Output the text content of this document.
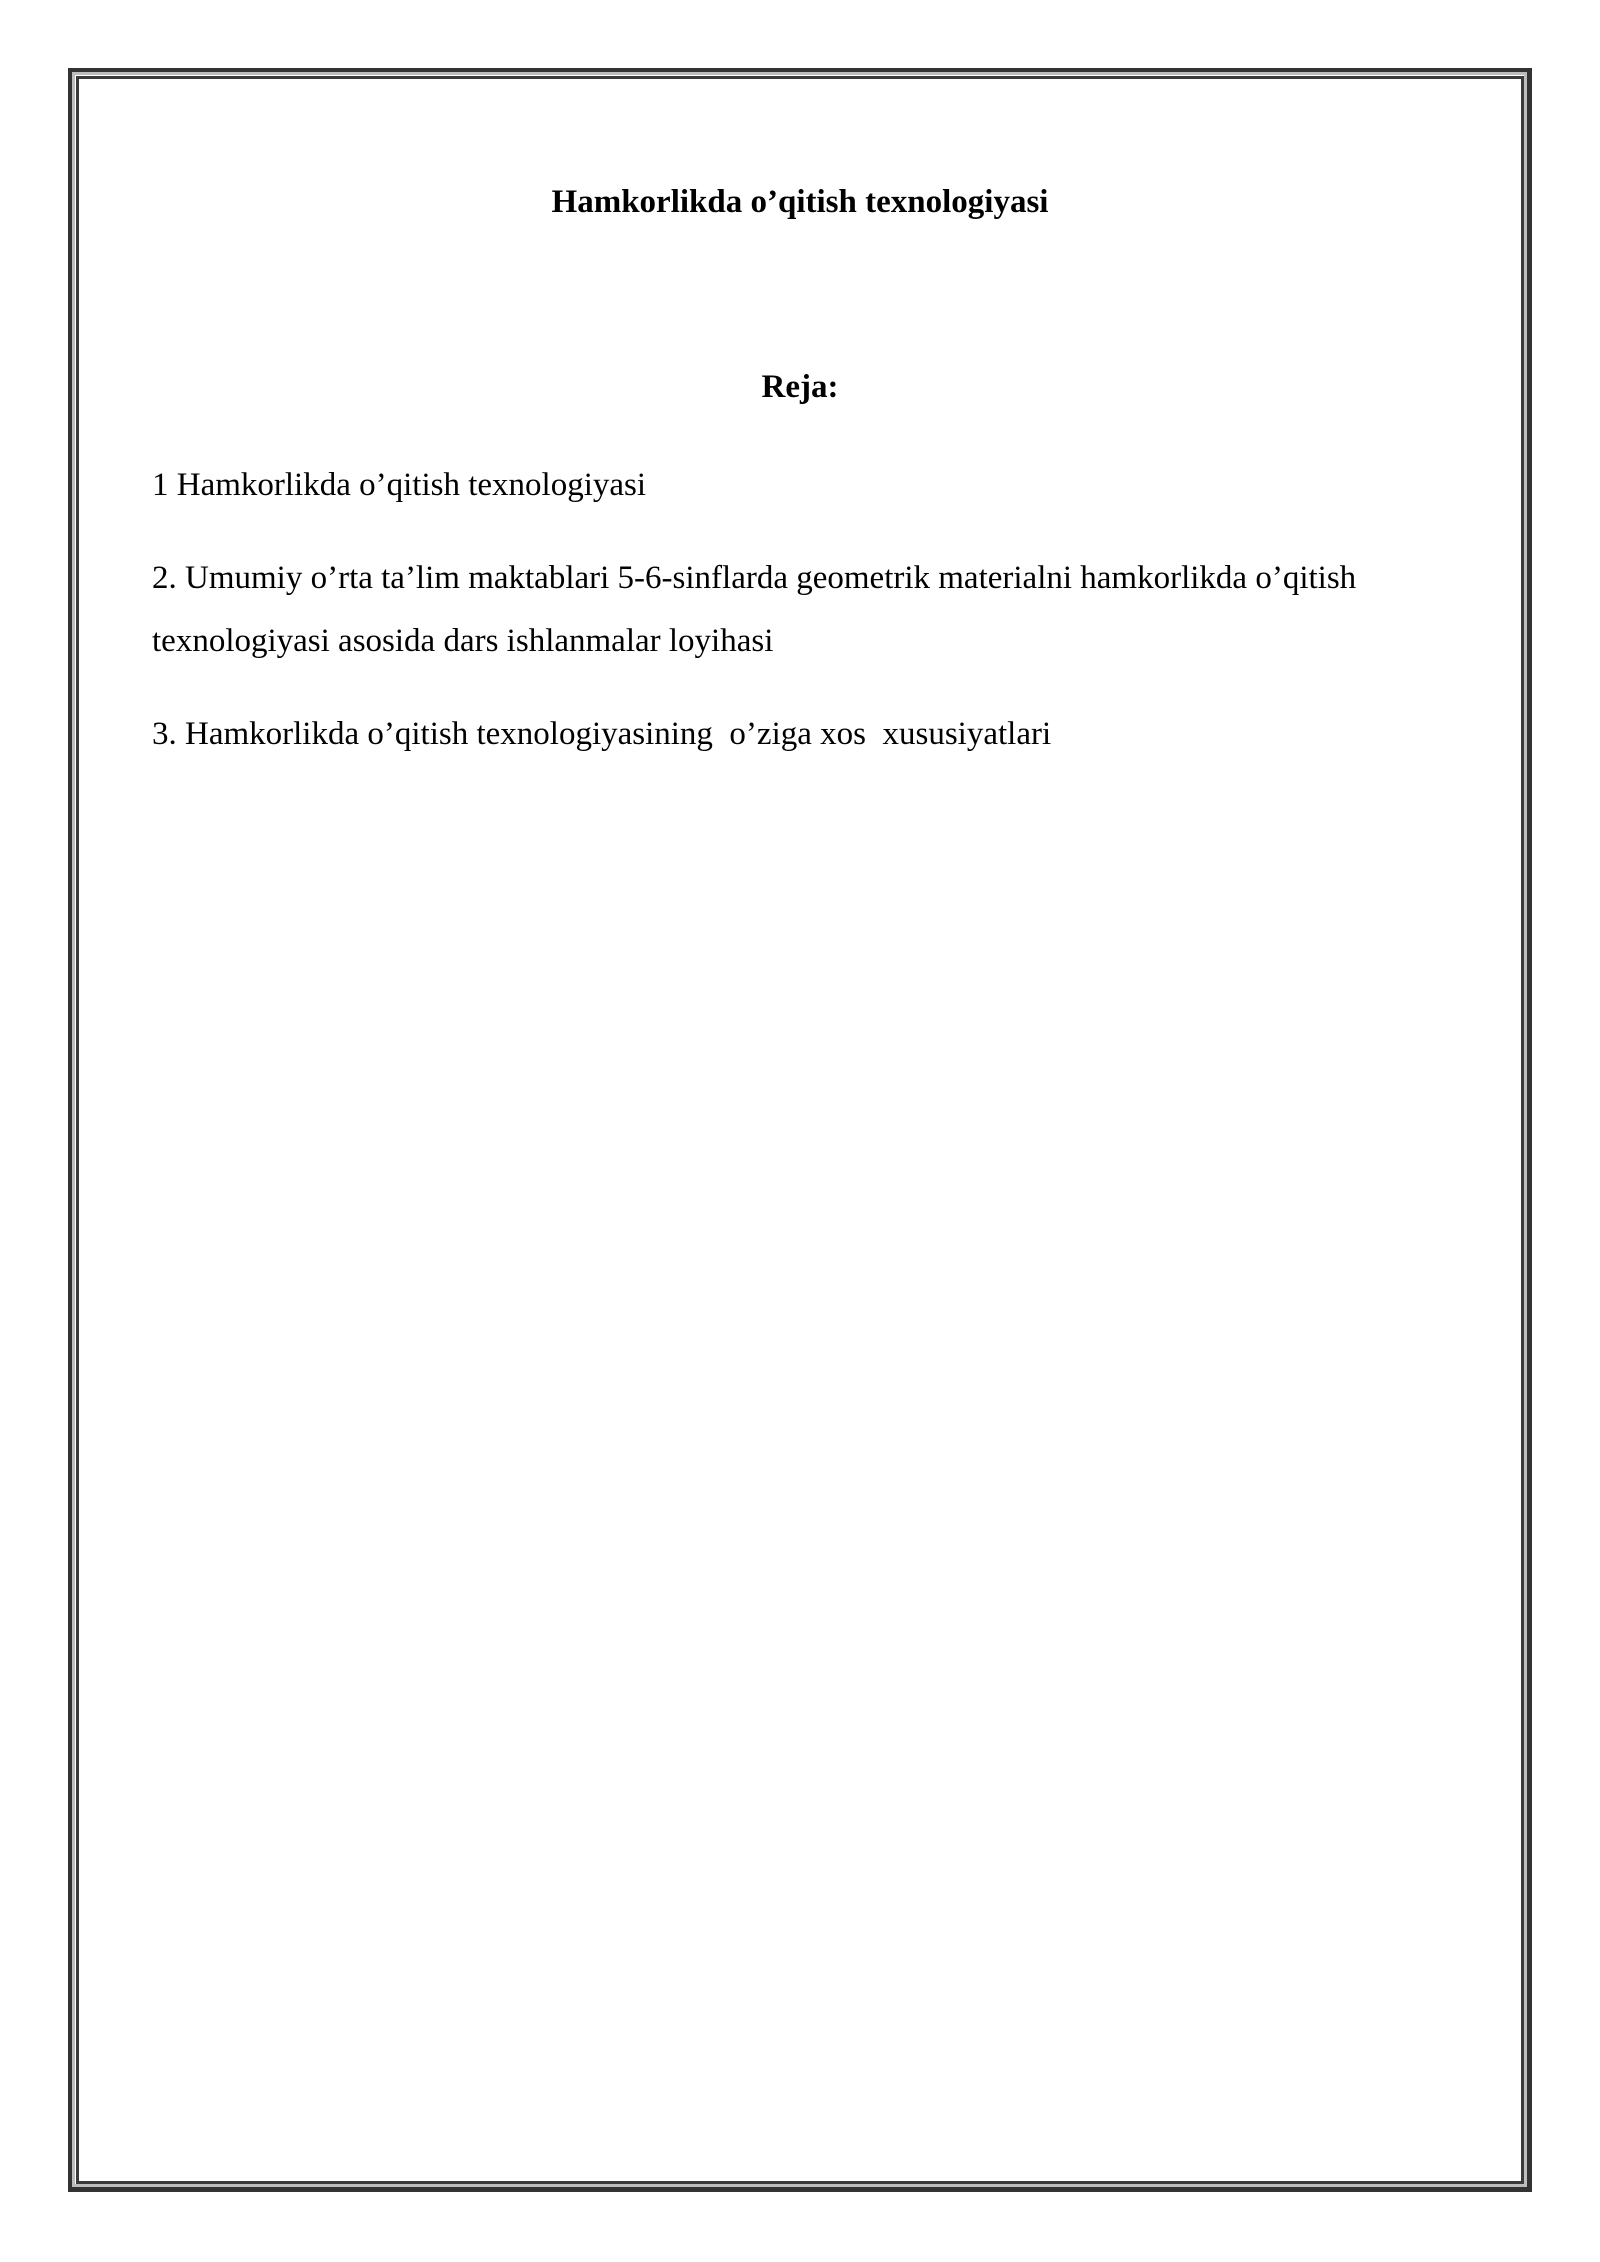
Hamkorlikda o’qitish texnologiyasi
Reja:
1 Hamkorlikda o’qitish texnologiyasi
2. Umumiy o’rta ta’lim maktablari 5-6-sinflarda geometrik materialni hamkorlikda o’qitish texnologiyasi asosida dars ishlanmalar loyihasi
3. Hamkorlikda o’qitish texnologiyasining  o’ziga xos  xususiyatlari
